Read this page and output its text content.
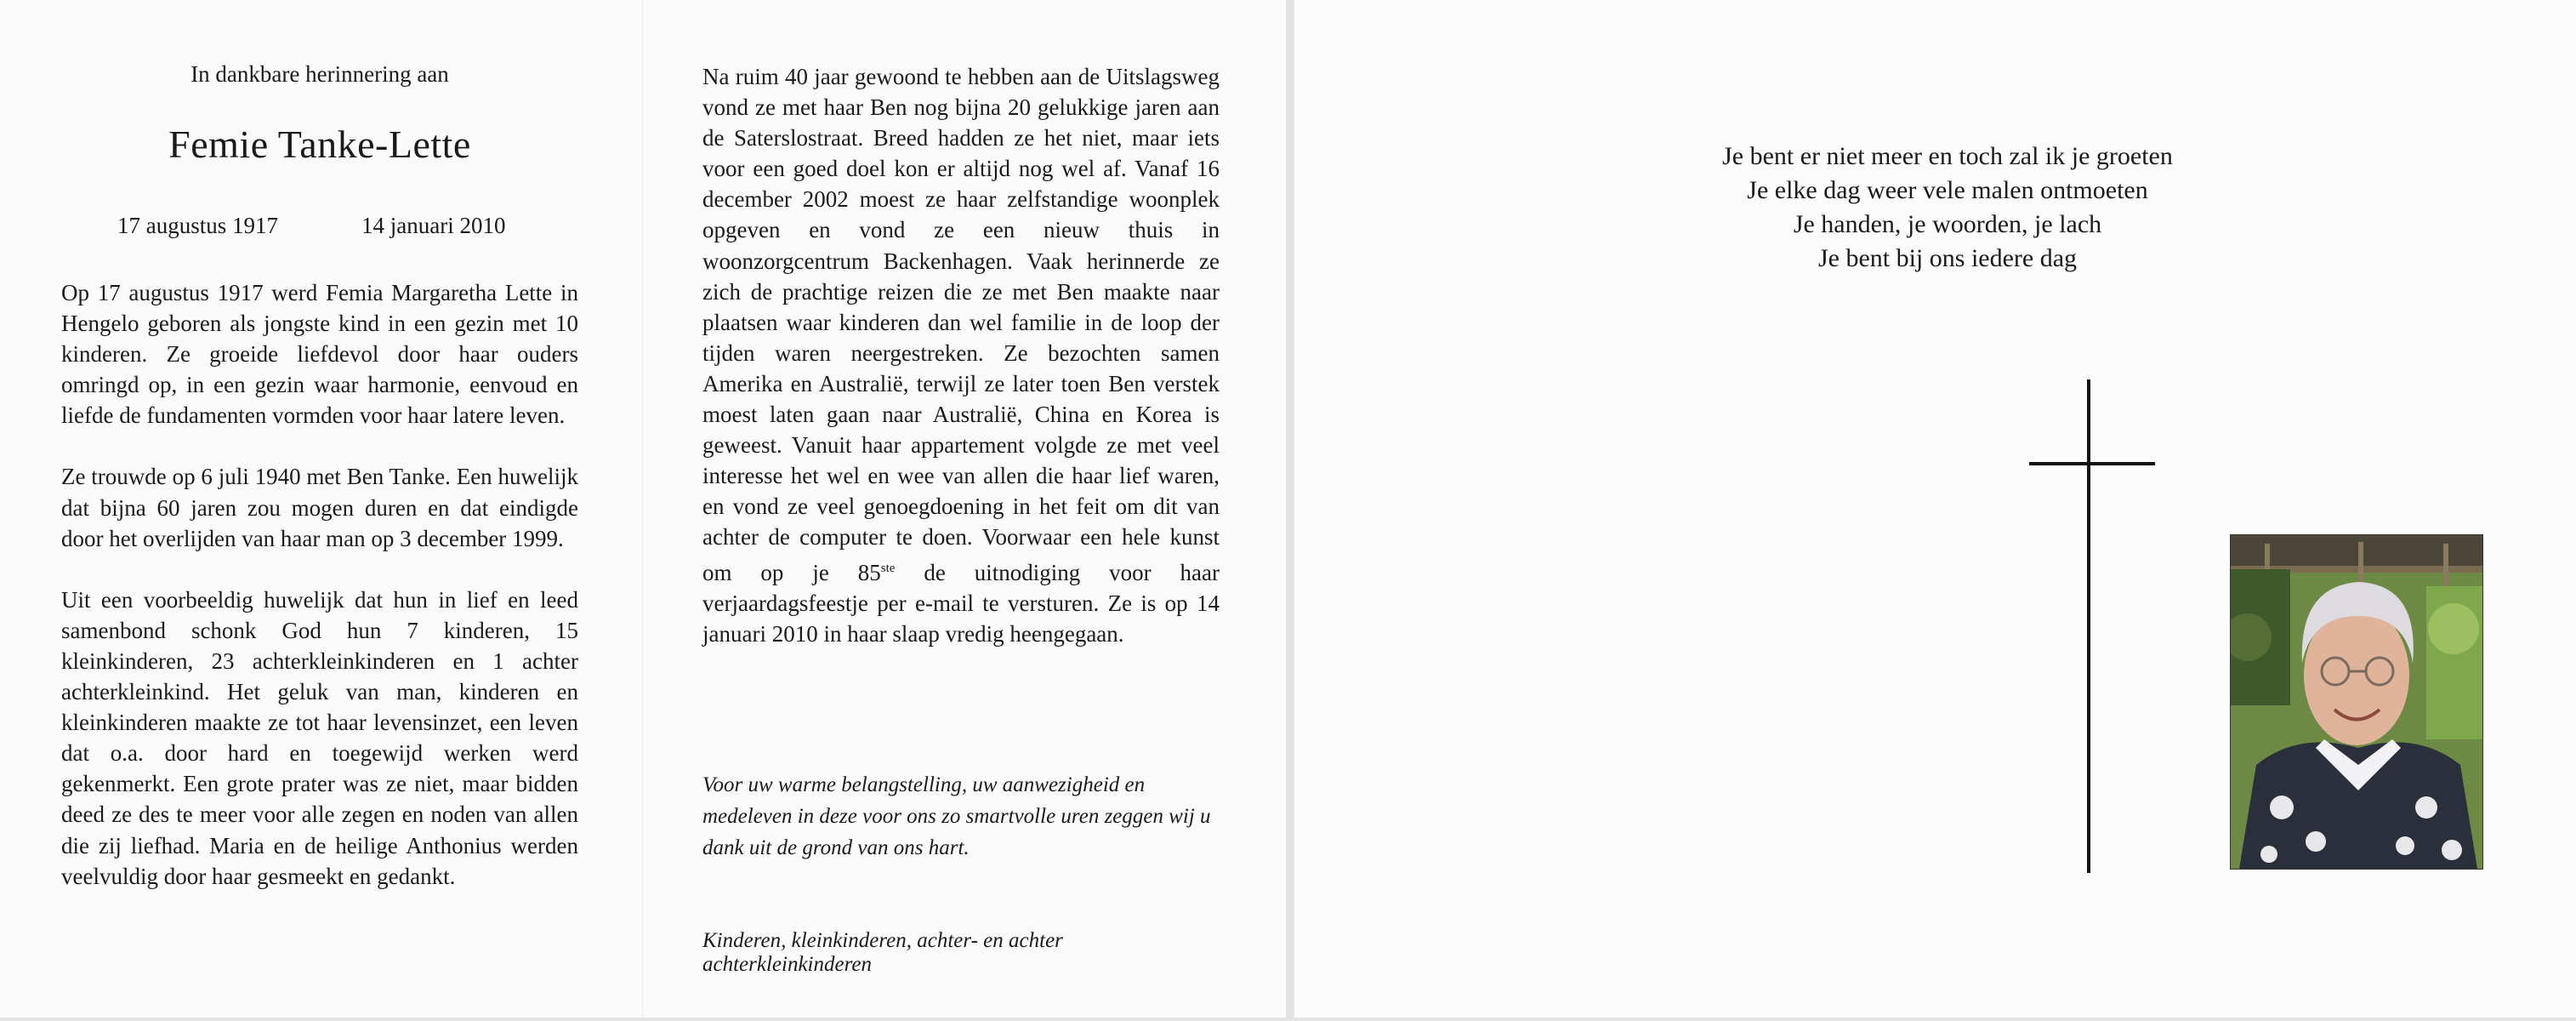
In dankbare herinnering aan
Femie Tanke-Lette
17 augustus 1917	14 januari 2010

Op 17 augustus 1917 werd Femia Margaretha Lette in Hengelo geboren als jongste kind in een gezin met 10 kinderen. Ze groeide liefdevol door haar ouders omringd op, in een gezin waar harmonie, eenvoud en liefde de fundamenten vormden voor haar latere leven.

Ze trouwde op 6 juli 1940 met Ben Tanke. Een huwelijk dat bijna 60 jaren zou mogen duren en dat eindigde door het overlijden van haar man op 3 december 1999.

Uit een voorbeeldig huwelijk dat hun in lief en leed samenbond schonk God hun 7 kinderen, 15 kleinkinderen, 23 achterkleinkinderen en 1 achter achterkleinkind. Het geluk van man, kinderen en kleinkinderen maakte ze tot haar levensinzet, een leven dat o.a. door hard en toegewijd werken werd gekenmerkt. Een grote prater was ze niet, maar bidden deed ze des te meer voor alle zegen en noden van allen die zij liefhad. Maria en de heilige Anthonius werden veelvuldig door haar gesmeekt en gedankt.

Na ruim 40 jaar gewoond te hebben aan de Uitslagsweg vond ze met haar Ben nog bijna 20 gelukkige jaren aan de Saterslostraat. Breed hadden ze het niet, maar iets voor een goed doel kon er altijd nog wel af. Vanaf 16 december 2002 moest ze haar zelfstandige woonplek opgeven en vond ze een nieuw thuis in woonzorgcentrum Backenhagen. Vaak herinnerde ze zich de prachtige reizen die ze met Ben maakte naar plaatsen waar kinderen dan wel familie in de loop der tijden waren neergestreken. Ze bezochten samen Amerika en Australië, terwijl ze later toen Ben verstek moest laten gaan naar Australië, China en Korea is geweest. Vanuit haar appartement volgde ze met veel interesse het wel en wee van allen die haar lief waren, en vond ze veel genoegdoening in het feit om dit van achter de computer te doen. Voorwaar een hele kunst om op je 85ste de uitnodiging voor haar verjaardagsfeestje per e-mail te versturen. Ze is op 14 januari 2010 in haar slaap vredig heengegaan.

Voor uw warme belangstelling, uw aanwezigheid en medeleven in deze voor ons zo smartvolle uren zeggen wij u dank uit de grond van ons hart.
Kinderen, kleinkinderen, achter- en achter achterkleinkinderen
Je bent er niet meer en toch zal ik je groeten
Je elke dag weer vele malen ontmoeten
Je handen, je woorden, je lach
Je bent bij ons iedere dag
